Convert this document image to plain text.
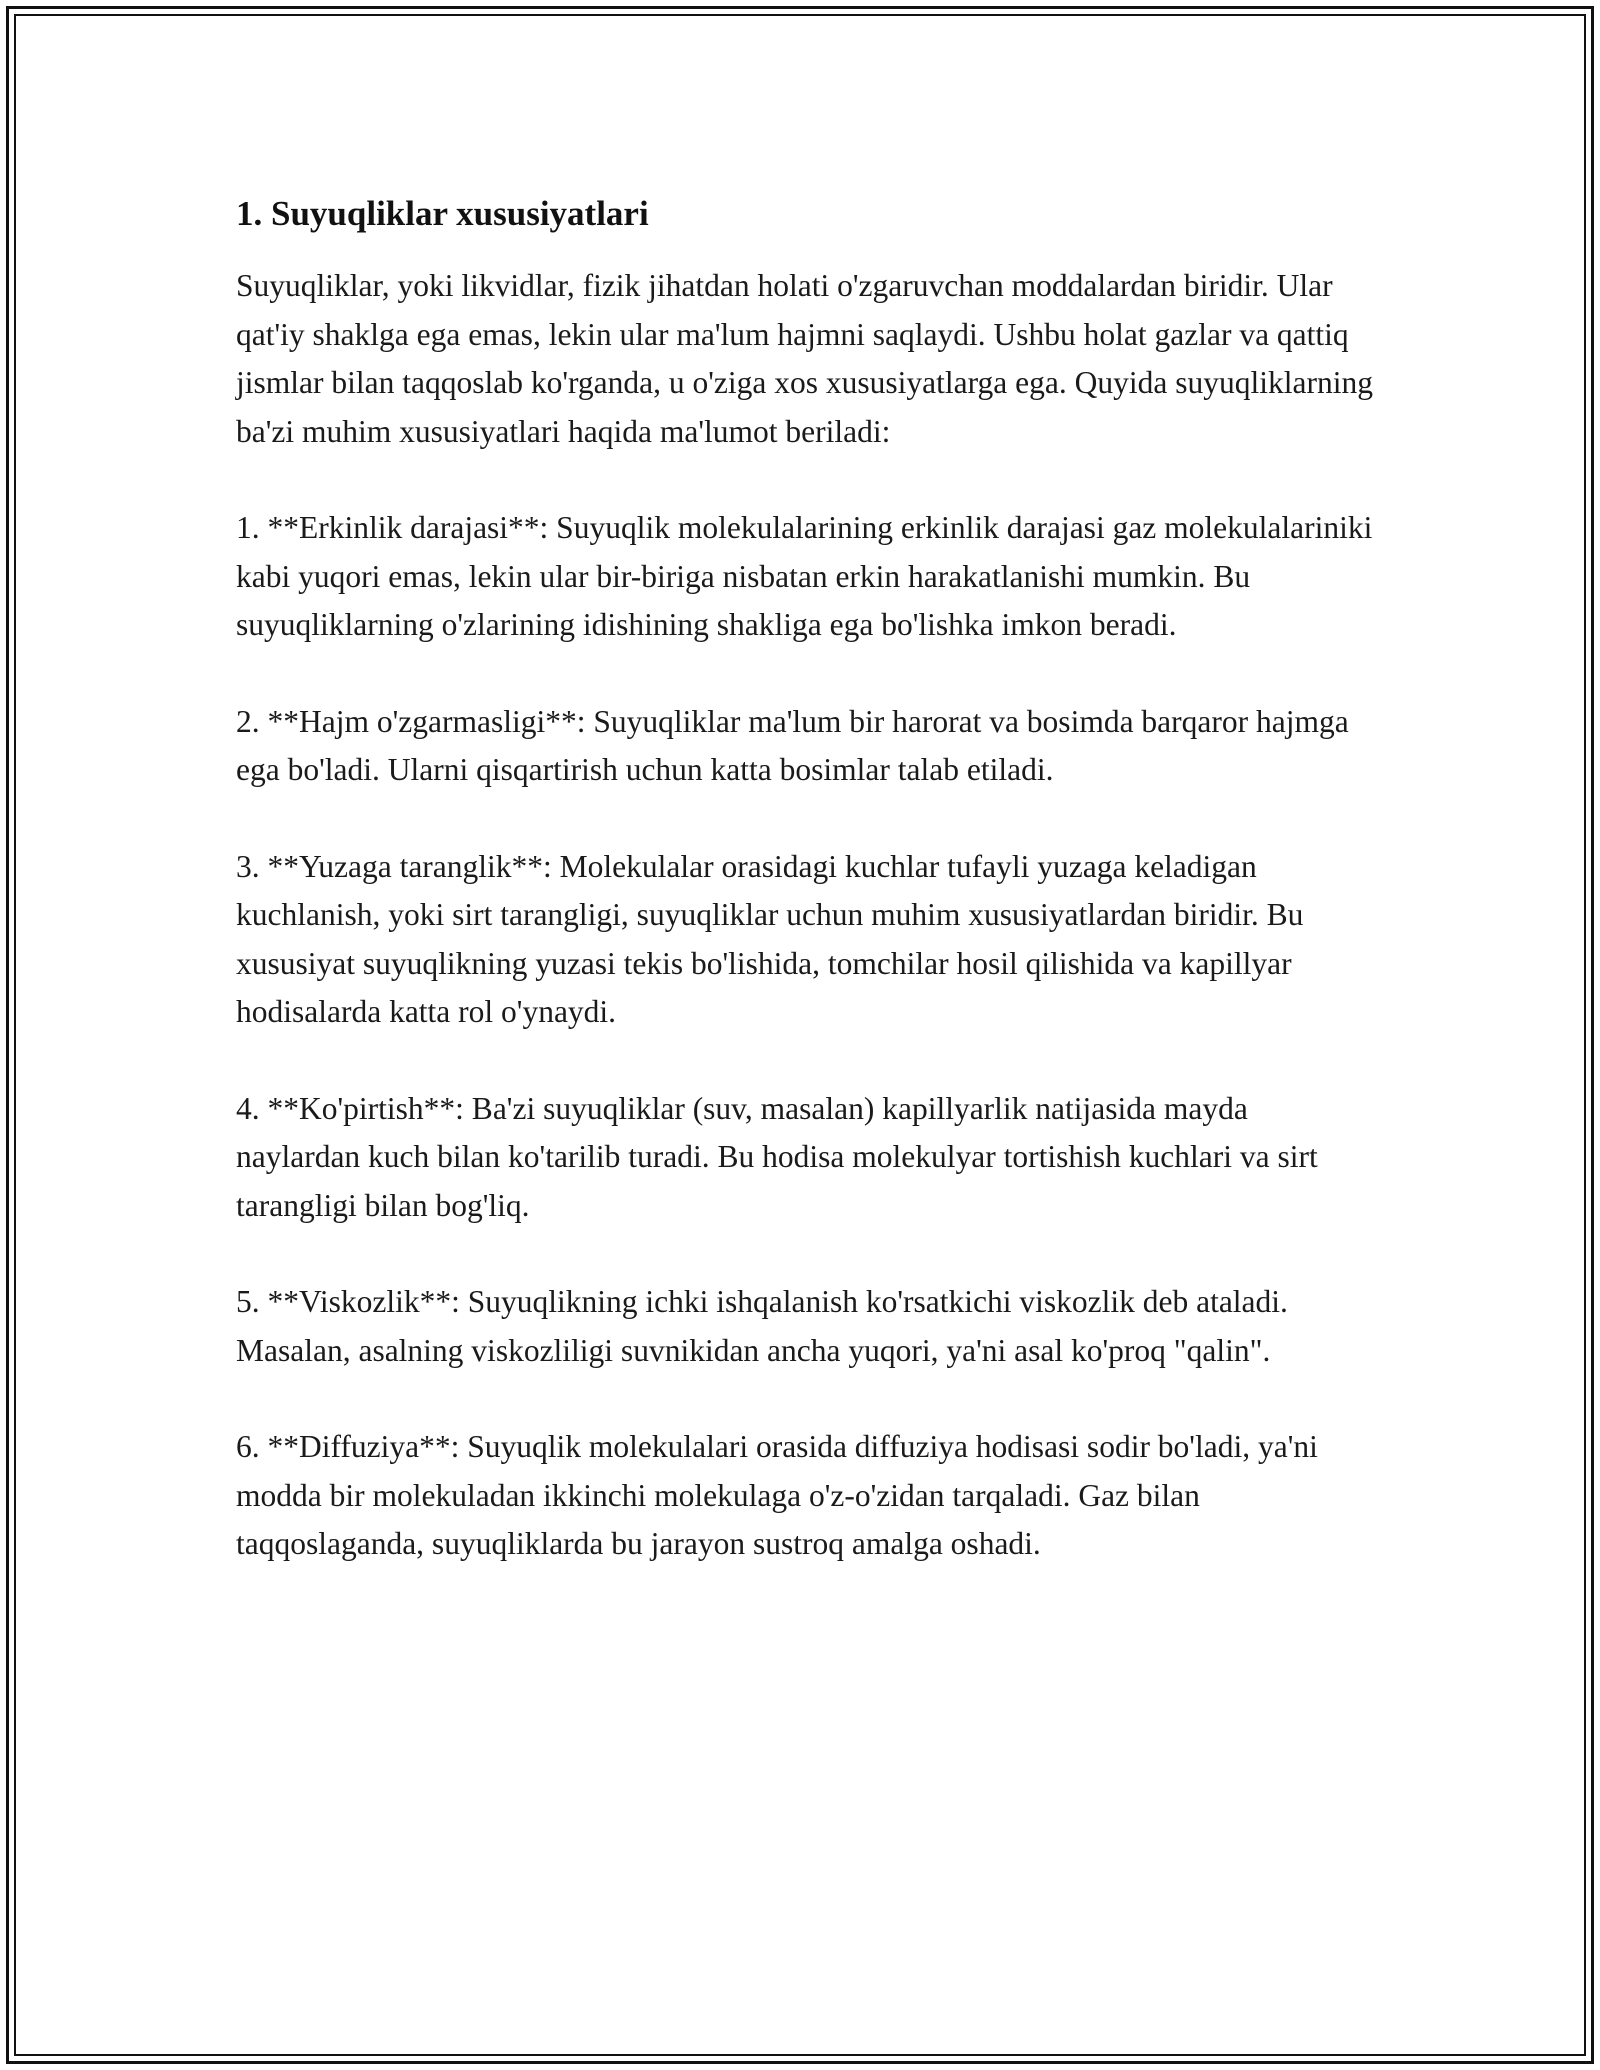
1. Suyuqliklar xususiyatlari

Suyuqliklar, yoki likvidlar, fizik jihatdan holati o'zgaruvchan moddalardan biridir. Ular qat'iy shaklga ega emas, lekin ular ma'lum hajmni saqlaydi. Ushbu holat gazlar va qattiq jismlar bilan taqqoslab ko'rganda, u o'ziga xos xususiyatlarga ega. Quyida suyuqliklarning ba'zi muhim xususiyatlari haqida ma'lumot beriladi:

1. **Erkinlik darajasi**: Suyuqlik molekulalarining erkinlik darajasi gaz molekulalariniki kabi yuqori emas, lekin ular bir-biriga nisbatan erkin harakatlanishi mumkin. Bu suyuqliklarning o'zlarining idishining shakliga ega bo'lishka imkon beradi.

2. **Hajm o'zgarmasligi**: Suyuqliklar ma'lum bir harorat va bosimda barqaror hajmga ega bo'ladi. Ularni qisqartirish uchun katta bosimlar talab etiladi.

3. **Yuzaga taranglik**: Molekulalar orasidagi kuchlar tufayli yuzaga keladigan kuchlanish, yoki sirt tarangligi, suyuqliklar uchun muhim xususiyatlardan biridir. Bu xususiyat suyuqlikning yuzasi tekis bo'lishida, tomchilar hosil qilishida va kapillyar hodisalarda katta rol o'ynaydi.

4. **Ko'pirtish**: Ba'zi suyuqliklar (suv, masalan) kapillyarlik natijasida mayda naylardan kuch bilan ko'tarilib turadi. Bu hodisa molekulyar tortishish kuchlari va sirt tarangligi bilan bog'liq.

5. **Viskozlik**: Suyuqlikning ichki ishqalanish ko'rsatkichi viskozlik deb ataladi. Masalan, asalning viskozliligi suvnikidan ancha yuqori, ya'ni asal ko'proq "qalin".

6. **Diffuziya**: Suyuqlik molekulalari orasida diffuziya hodisasi sodir bo'ladi, ya'ni modda bir molekuladan ikkinchi molekulaga o'z-o'zidan tarqaladi. Gaz bilan taqqoslaganda, suyuqliklarda bu jarayon sustroq amalga oshadi.
